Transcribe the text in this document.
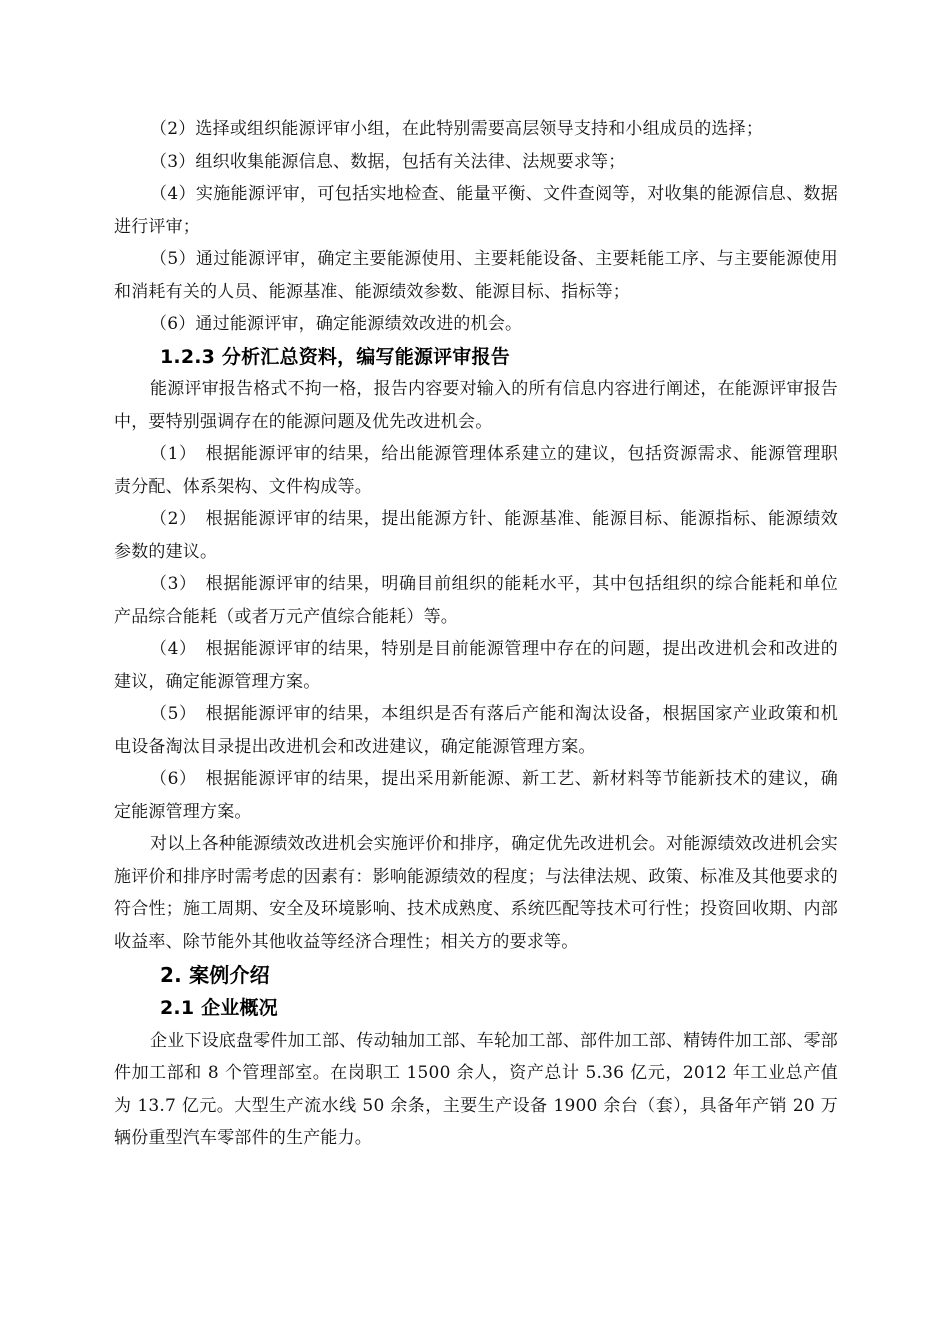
（2）选择或组织能源评审小组，在此特别需要高层领导支持和小组成员的选择；

（3）组织收集能源信息、数据，包括有关法律、法规要求等；

（4）实施能源评审，可包括实地检查、能量平衡、文件查阅等，对收集的能源信息、数据进行评审；

（5）通过能源评审，确定主要能源使用、主要耗能设备、主要耗能工序、与主要能源使用和消耗有关的人员、能源基准、能源绩效参数、能源目标、指标等；

（6）通过能源评审，确定能源绩效改进的机会。

1.2.3 分析汇总资料，编写能源评审报告

能源评审报告格式不拘一格，报告内容要对输入的所有信息内容进行阐述，在能源评审报告中，要特别强调存在的能源问题及优先改进机会。

（1）　根据能源评审的结果，给出能源管理体系建立的建议，包括资源需求、能源管理职责分配、体系架构、文件构成等。

（2）　根据能源评审的结果，提出能源方针、能源基准、能源目标、能源指标、能源绩效参数的建议。

（3）　根据能源评审的结果，明确目前组织的能耗水平，其中包括组织的综合能耗和单位产品综合能耗（或者万元产值综合能耗）等。

（4）　根据能源评审的结果，特别是目前能源管理中存在的问题，提出改进机会和改进的建议，确定能源管理方案。

（5）　根据能源评审的结果，本组织是否有落后产能和淘汰设备，根据国家产业政策和机电设备淘汰目录提出改进机会和改进建议，确定能源管理方案。

（6）　根据能源评审的结果，提出采用新能源、新工艺、新材料等节能新技术的建议，确定能源管理方案。

对以上各种能源绩效改进机会实施评价和排序，确定优先改进机会。对能源绩效改进机会实施评价和排序时需考虑的因素有：影响能源绩效的程度；与法律法规、政策、标准及其他要求的符合性；施工周期、安全及环境影响、技术成熟度、系统匹配等技术可行性；投资回收期、内部收益率、除节能外其他收益等经济合理性；相关方的要求等。

2. 案例介绍
2.1 企业概况

企业下设底盘零件加工部、传动轴加工部、车轮加工部、部件加工部、精铸件加工部、零部件加工部和 8 个管理部室。在岗职工 1500 余人，资产总计 5.36 亿元，2012 年工业总产值为 13.7 亿元。大型生产流水线 50 余条，主要生产设备 1900 余台（套），具备年产销 20 万辆份重型汽车零部件的生产能力。
